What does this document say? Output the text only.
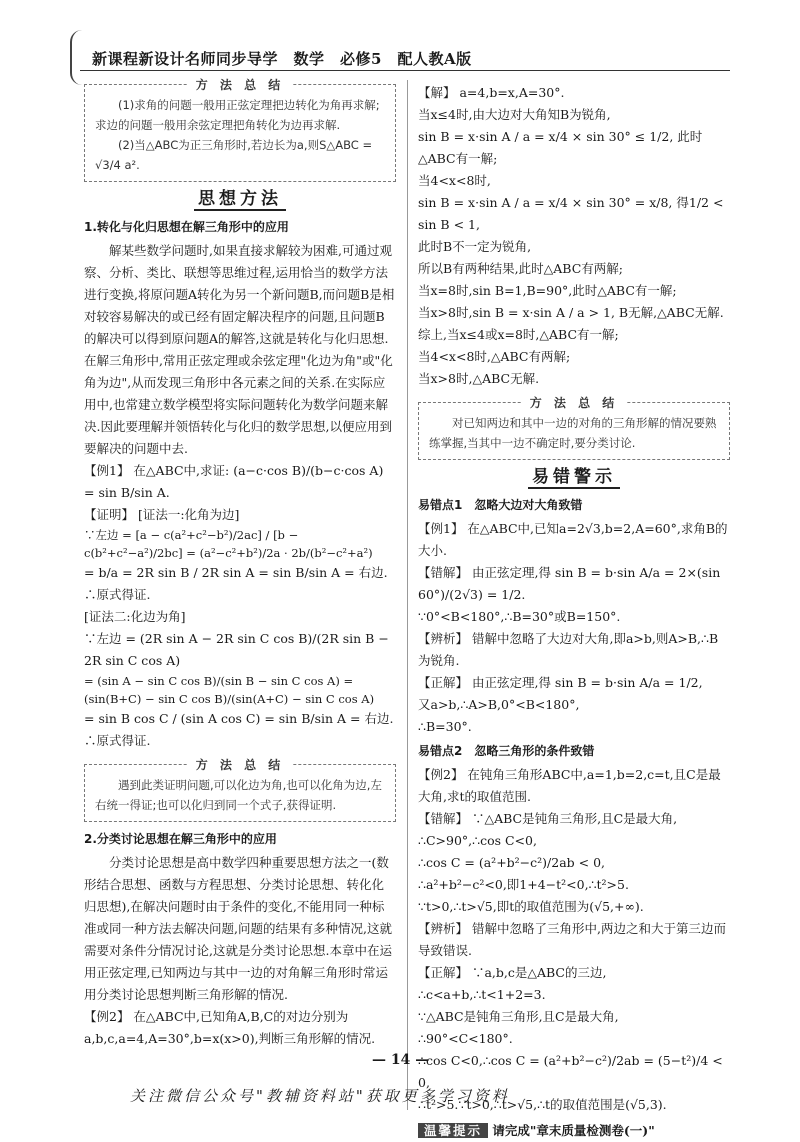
新课程新设计名师同步导学　数学　必修5　配人教A版
方 法 总 结

(1)求角的问题一般用正弦定理把边转化为角再求解;求边的问题一般用余弦定理把角转化为边再求解.

(2)当△ABC为正三角形时,若边长为a,则S△ABC = √3/4 a².

思想方法
1.转化与化归思想在解三角形中的应用

解某些数学问题时,如果直接求解较为困难,可通过观察、分析、类比、联想等思维过程,运用恰当的数学方法进行变换,将原问题A转化为另一个新问题B,而问题B是相对较容易解决的或已经有固定解决程序的问题,且问题B的解决可以得到原问题A的解答,这就是转化与化归思想.在解三角形中,常用正弦定理或余弦定理"化边为角"或"化角为边",从而发现三角形中各元素之间的关系.在实际应用中,也常建立数学模型将实际问题转化为数学问题来解决.因此要理解并领悟转化与化归的数学思想,以便应用到要解决的问题中去.

【例1】 在△ABC中,求证: (a−c·cos B)/(b−c·cos A) = sin B/sin A.

【证明】 [证法一:化角为边]

∵左边 = [a − c(a²+c²−b²)/2ac] / [b − c(b²+c²−a²)/2bc] = (a²−c²+b²)/2a · 2b/(b²−c²+a²)

= b/a = 2R sin B / 2R sin A = sin B/sin A = 右边.

∴原式得证.

[证法二:化边为角]

∵左边 = (2R sin A − 2R sin C cos B)/(2R sin B − 2R sin C cos A)

= (sin A − sin C cos B)/(sin B − sin C cos A) = (sin(B+C) − sin C cos B)/(sin(A+C) − sin C cos A)

= sin B cos C / (sin A cos C) = sin B/sin A = 右边.

∴原式得证.

方 法 总 结

遇到此类证明问题,可以化边为角,也可以化角为边,左右统一得证;也可以化归到同一个式子,获得证明.

2.分类讨论思想在解三角形中的应用

分类讨论思想是高中数学四种重要思想方法之一(数形结合思想、函数与方程思想、分类讨论思想、转化化归思想),在解决问题时由于条件的变化,不能用同一种标准或同一种方法去解决问题,问题的结果有多种情况,这就需要对条件分情况讨论,这就是分类讨论思想.本章中在运用正弦定理,已知两边与其中一边的对角解三角形时常运用分类讨论思想判断三角形解的情况.

【例2】 在△ABC中,已知角A,B,C的对边分别为a,b,c,a=4,A=30°,b=x(x>0),判断三角形解的情况.

【解】 a=4,b=x,A=30°.

当x≤4时,由大边对大角知B为锐角,

sin B = x·sin A / a = x/4 × sin 30° ≤ 1/2, 此时△ABC有一解;

当4<x<8时,

sin B = x·sin A / a = x/4 × sin 30° = x/8, 得1/2 < sin B < 1,

此时B不一定为锐角,

所以B有两种结果,此时△ABC有两解;

当x=8时,sin B=1,B=90°,此时△ABC有一解;

当x>8时,sin B = x·sin A / a > 1, B无解,△ABC无解.

综上,当x≤4或x=8时,△ABC有一解;

当4<x<8时,△ABC有两解;

当x>8时,△ABC无解.

方 法 总 结

对已知两边和其中一边的对角的三角形解的情况要熟练掌握,当其中一边不确定时,要分类讨论.

易错警示
易错点1　忽略大边对大角致错

【例1】 在△ABC中,已知a=2√3,b=2,A=60°,求角B的大小.

【错解】 由正弦定理,得 sin B = b·sin A/a = 2×(sin 60°)/(2√3) = 1/2.

∵0°<B<180°,∴B=30°或B=150°.

【辨析】 错解中忽略了大边对大角,即a>b,则A>B,∴B为锐角.

【正解】 由正弦定理,得 sin B = b·sin A/a = 1/2,

又a>b,∴A>B,0°<B<180°,

∴B=30°.

易错点2　忽略三角形的条件致错

【例2】 在钝角三角形ABC中,a=1,b=2,c=t,且C是最大角,求t的取值范围.

【错解】 ∵△ABC是钝角三角形,且C是最大角,

∴C>90°,∴cos C<0,

∴cos C = (a²+b²−c²)/2ab < 0,

∴a²+b²−c²<0,即1+4−t²<0,∴t²>5.

∵t>0,∴t>√5,即t的取值范围为(√5,+∞).

【辨析】 错解中忽略了三角形中,两边之和大于第三边而导致错误.

【正解】 ∵a,b,c是△ABC的三边,

∴c<a+b,∴t<1+2=3.

∵△ABC是钝角三角形,且C是最大角,

∴90°<C<180°.

∴cos C<0,∴cos C = (a²+b²−c²)/2ab = (5−t²)/4 < 0,

∴t²>5.∵t>0,∴t>√5,∴t的取值范围是(√5,3).

温馨提示 请完成"章末质量检测卷(一)"
— 14 —
关注微信公众号"教辅资料站"获取更多学习资料
